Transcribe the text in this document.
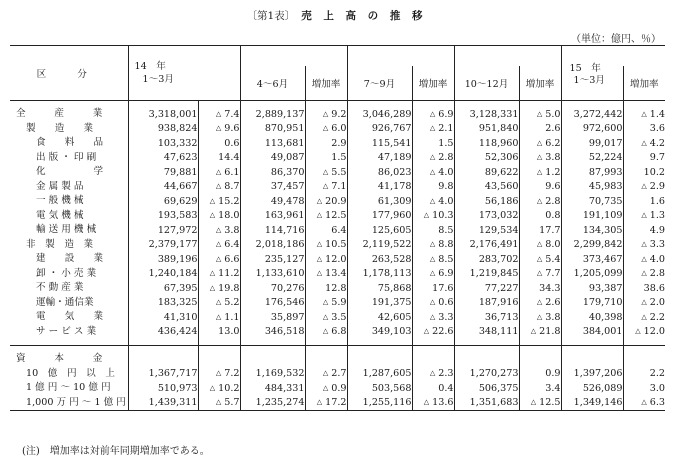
〔第1表〕 売 上 高 の 推 移
（単位：億円、％）
区 分	14　年
1～3月									

			4～6月	増加率	7～9月	増加率	10～12月	増加率	15　年
1～3月	増加率

全　　　産　　　業	3,318,001	△ 7.4	2,889,137	△ 9.2	3,046,289	△ 6.9	3,128,331	△ 5.0	3,272,442	△ 1.4
製　　造　　業	938,824	△ 9.6	870,951	△ 6.0	926,767	△ 2.1	951,840	2.6	972,600	3.6
食　　料　　品	103,332	0.6	113,681	2.9	115,541	1.5	118,960	△ 6.2	99,017	△ 4.2
出 版 ・ 印 刷	47,623	14.4	49,087	1.5	47,189	△ 2.8	52,306	△ 3.8	52,224	9.7
化　　　　　学	79,881	△ 6.1	86,370	△ 5.5	86,023	△ 4.0	89,622	△ 1.2	87,993	10.2
金 属 製 品	44,667	△ 8.7	37,457	△ 7.1	41,178	9.8	43,560	9.6	45,983	△ 2.9
一 般 機 械	69,629	△ 15.2	49,478	△ 20.9	61,309	△ 4.0	56,186	△ 2.8	70,735	1.6
電 気 機 械	193,583	△ 18.0	163,961	△ 12.5	177,960	△ 10.3	173,032	0.8	191,109	△ 1.3
輸 送 用 機 械	127,972	△ 3.8	114,716	6.4	125,605	8.5	129,534	17.7	134,305	4.9
非　製　造　業	2,379,177	△ 6.4	2,018,186	△ 10.5	2,119,522	△ 8.8	2,176,491	△ 8.0	2,299,842	△ 3.3
建　　設　　業	389,196	△ 6.6	235,127	△ 12.0	263,528	△ 8.5	283,702	△ 5.4	373,467	△ 4.0
卸 ・ 小 売 業	1,240,184	△ 11.2	1,133,610	△ 13.4	1,178,113	△ 6.9	1,219,845	△ 7.7	1,205,099	△ 2.8
不 動 産 業	67,395	△ 19.8	70,276	12.8	75,868	17.6	77,227	34.3	93,387	38.6
運輸・通信業	183,325	△ 5.2	176,546	△ 5.9	191,375	△ 0.6	187,916	△ 2.6	179,710	△ 2.0
電　　気　　業	41,310	△ 1.1	35,897	△ 3.5	42,605	△ 3.3	36,713	△ 3.8	40,398	△ 2.2
サ ー ビ ス 業	436,424	13.0	346,518	△ 6.8	349,103	△ 22.6	348,111	△ 21.8	384,001	△ 12.0

資　　　本　　　金										
10　億　円　以　上	1,367,717	△ 7.2	1,169,532	△ 2.7	1,287,605	△ 2.3	1,270,273	0.9	1,397,206	2.2
1 億 円 ～ 10 億 円	510,973	△ 10.2	484,331	△ 0.9	503,568	0.4	506,375	3.4	526,089	3.0
1,000 万 円 ～ 1 億 円	1,439,311	△ 5.7	1,235,274	△ 17.2	1,255,116	△ 13.6	1,351,683	△ 12.5	1,349,146	△ 6.3
(注)　増加率は対前年同期増加率である。
